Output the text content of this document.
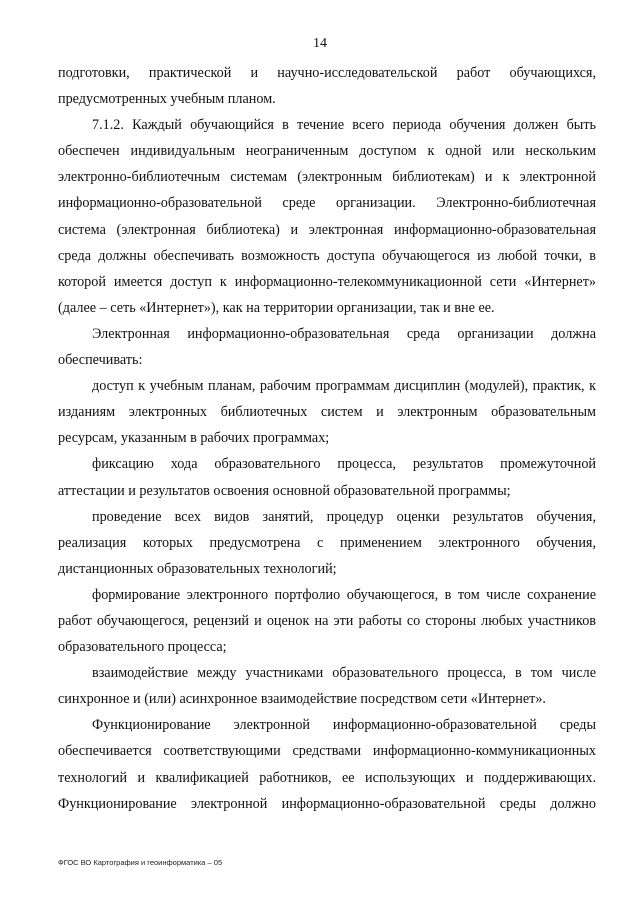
14

подготовки, практической и научно-исследовательской работ обучающихся, предусмотренных учебным планом.

7.1.2. Каждый обучающийся в течение всего периода обучения должен быть обеспечен индивидуальным неограниченным доступом к одной или нескольким электронно-библиотечным системам (электронным библиотекам) и к электронной информационно-образовательной среде организации. Электронно-библиотечная система (электронная библиотека) и электронная информационно-образовательная среда должны обеспечивать возможность доступа обучающегося из любой точки, в которой имеется доступ к информационно-телекоммуникационной сети «Интернет» (далее – сеть «Интернет»), как на территории организации, так и вне ее.

Электронная информационно-образовательная среда организации должна обеспечивать:

доступ к учебным планам, рабочим программам дисциплин (модулей), практик, к изданиям электронных библиотечных систем и электронным образовательным ресурсам, указанным в рабочих программах;

фиксацию хода образовательного процесса, результатов промежуточной аттестации и результатов освоения основной образовательной программы;

проведение всех видов занятий, процедур оценки результатов обучения, реализация которых предусмотрена с применением электронного обучения, дистанционных образовательных технологий;

формирование электронного портфолио обучающегося, в том числе сохранение работ обучающегося, рецензий и оценок на эти работы со стороны любых участников образовательного процесса;

взаимодействие между участниками образовательного процесса, в том числе синхронное и (или) асинхронное взаимодействие посредством сети «Интернет».

Функционирование электронной информационно-образовательной среды обеспечивается соответствующими средствами информационно-коммуникационных технологий и квалификацией работников, ее использующих и поддерживающих. Функционирование электронной информационно-образовательной среды должно

ФГОС ВО Картография и геоинформатика – 05
